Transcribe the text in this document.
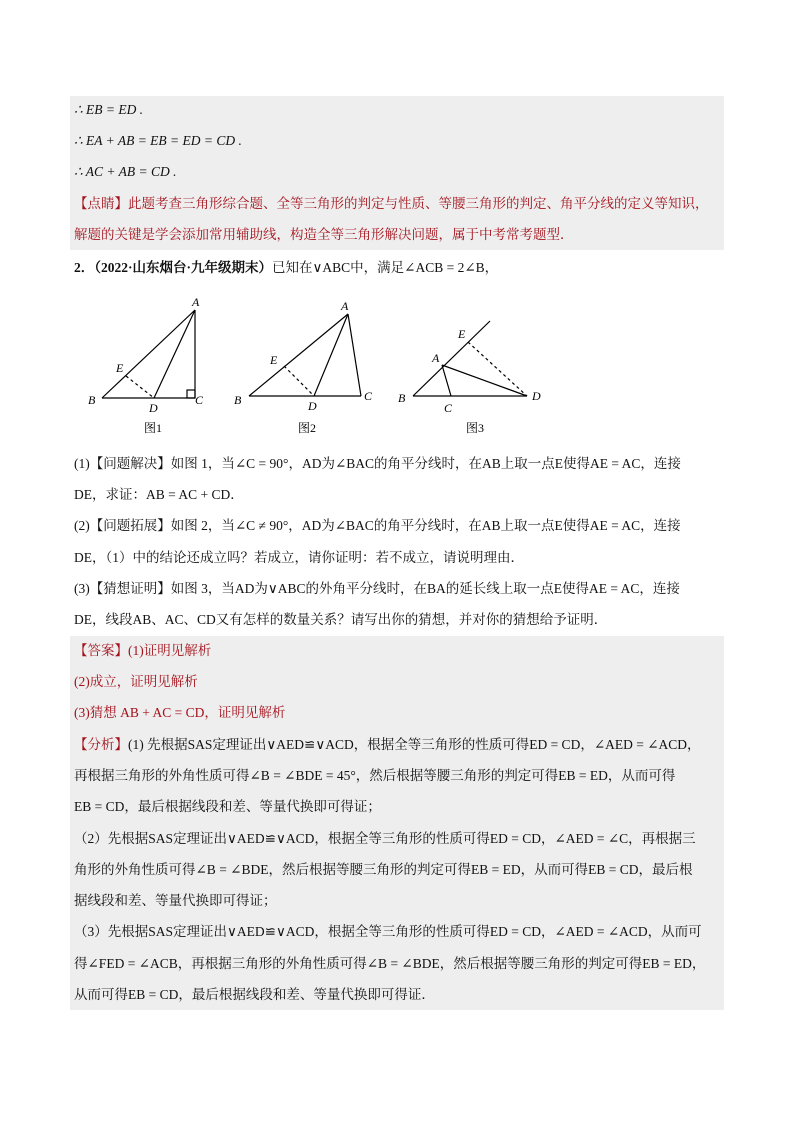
∴ EB = ED .
∴ EA + AB = EB = ED = CD .
∴ AC + AB = CD .
【点睛】此题考查三角形综合题、全等三角形的判定与性质、等腰三角形的判定、角平分线的定义等知识，
解题的关键是学会添加常用辅助线，构造全等三角形解决问题，属于中考常考题型．
2．（2022·山东烟台·九年级期末）已知在∨ABC中，满足∠ACB = 2∠B，
A
B	C
D
E
A
B	C
D
E	A
B
C
D
E
图1	图2	图3
(1)【问题解决】如图 1，当∠C = 90°，AD为∠BAC的角平分线时，在AB上取一点E使得AE = AC，连接
DE，求证：AB = AC + CD．
(2)【问题拓展】如图 2，当∠C ≠ 90°，AD为∠BAC的角平分线时，在AB上取一点E使得AE = AC，连接
DE，（1）中的结论还成立吗？若成立，请你证明：若不成立，请说明理由．
(3)【猜想证明】如图 3，当AD为∨ABC的外角平分线时，在BA的延长线上取一点E使得AE = AC，连接
DE，线段AB、AC、CD又有怎样的数量关系？请写出你的猜想，并对你的猜想给予证明．
【答案】(1)证明见解析
(2)成立，证明见解析
(3)猜想 AB + AC = CD，证明见解析
【分析】(1) 先根据SAS定理证出∨AED≌∨ACD，根据全等三角形的性质可得ED = CD，∠AED = ∠ACD，
再根据三角形的外角性质可得∠B = ∠BDE = 45°，然后根据等腰三角形的判定可得EB = ED，从而可得
EB = CD，最后根据线段和差、等量代换即可得证；
（2）先根据SAS定理证出∨AED≌∨ACD，根据全等三角形的性质可得ED = CD，∠AED = ∠C，再根据三
角形的外角性质可得∠B = ∠BDE，然后根据等腰三角形的判定可得EB = ED，从而可得EB = CD，最后根
据线段和差、等量代换即可得证；
（3）先根据SAS定理证出∨AED≌∨ACD，根据全等三角形的性质可得ED = CD，∠AED = ∠ACD，从而可
得∠FED = ∠ACB，再根据三角形的外角性质可得∠B = ∠BDE，然后根据等腰三角形的判定可得EB = ED，
从而可得EB = CD，最后根据线段和差、等量代换即可得证．
